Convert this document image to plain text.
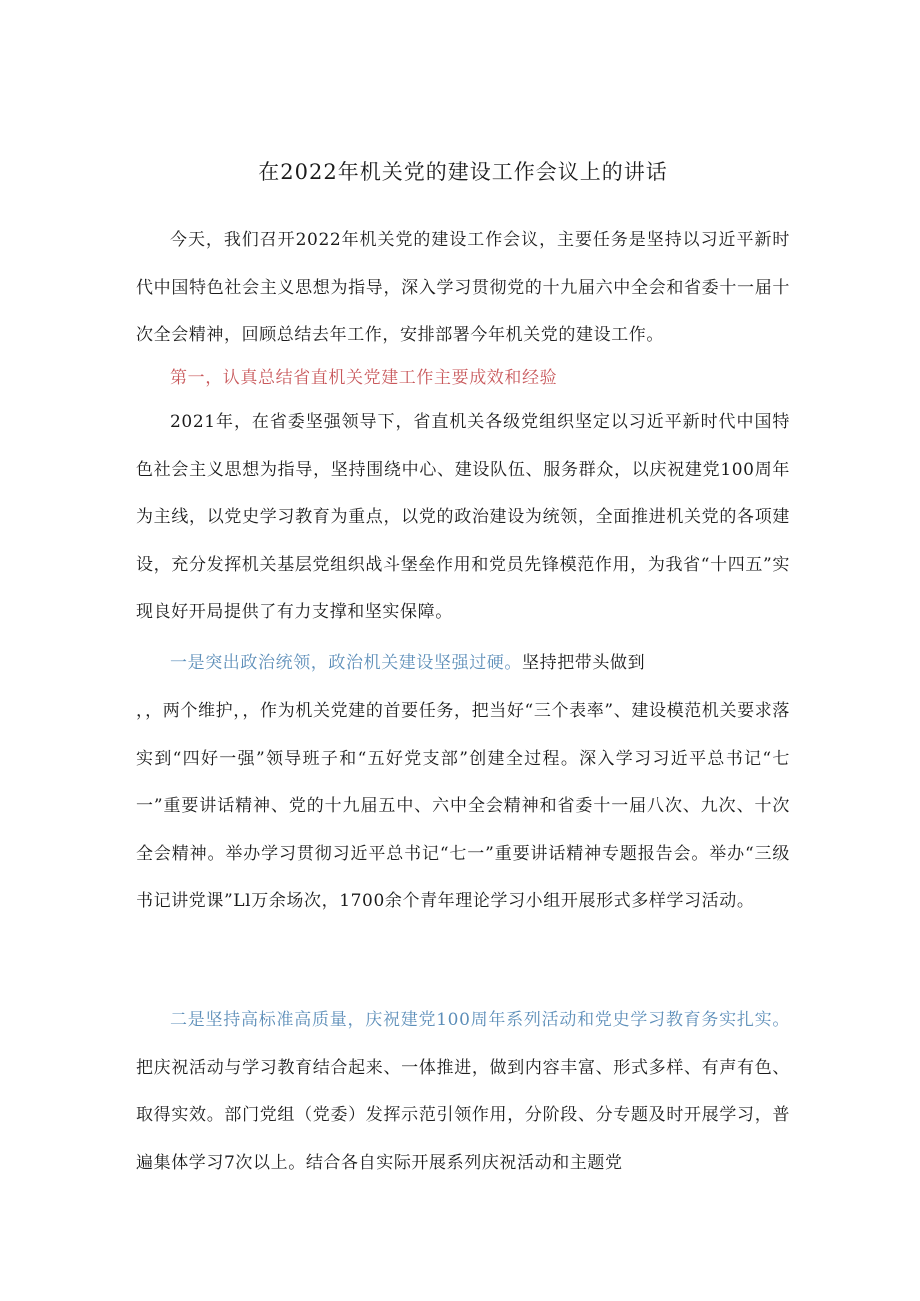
在2022年机关党的建设工作会议上的讲话
今天，我们召开2022年机关党的建设工作会议，主要任务是坚持以习近平新时代中国特色社会主义思想为指导，深入学习贯彻党的十九届六中全会和省委十一届十次全会精神，回顾总结去年工作，安排部署今年机关党的建设工作。
第一，认真总结省直机关党建工作主要成效和经验
2021年，在省委坚强领导下，省直机关各级党组织坚定以习近平新时代中国特色社会主义思想为指导，坚持围绕中心、建设队伍、服务群众，以庆祝建党100周年为主线，以党史学习教育为重点，以党的政治建设为统领，全面推进机关党的各项建设，充分发挥机关基层党组织战斗堡垒作用和党员先锋模范作用，为我省“十四五”实现良好开局提供了有力支撑和坚实保障。
一是突出政治统领，政治机关建设坚强过硬。坚持把带头做到
，，两个维护，，作为机关党建的首要任务，把当好“三个表率”、建设模范机关要求落实到“四好一强”领导班子和“五好党支部”创建全过程。深入学习习近平总书记“七一”重要讲话精神、党的十九届五中、六中全会精神和省委十一届八次、九次、十次全会精神。举办学习贯彻习近平总书记“七一”重要讲话精神专题报告会。举办“三级书记讲党课”Ll万余场次，1700余个青年理论学习小组开展形式多样学习活动。
二是坚持高标准高质量，庆祝建党100周年系列活动和党史学习教育务实扎实。把庆祝活动与学习教育结合起来、一体推进，做到内容丰富、形式多样、有声有色、取得实效。部门党组（党委）发挥示范引领作用，分阶段、分专题及时开展学习，普遍集体学习7次以上。结合各自实际开展系列庆祝活动和主题党
